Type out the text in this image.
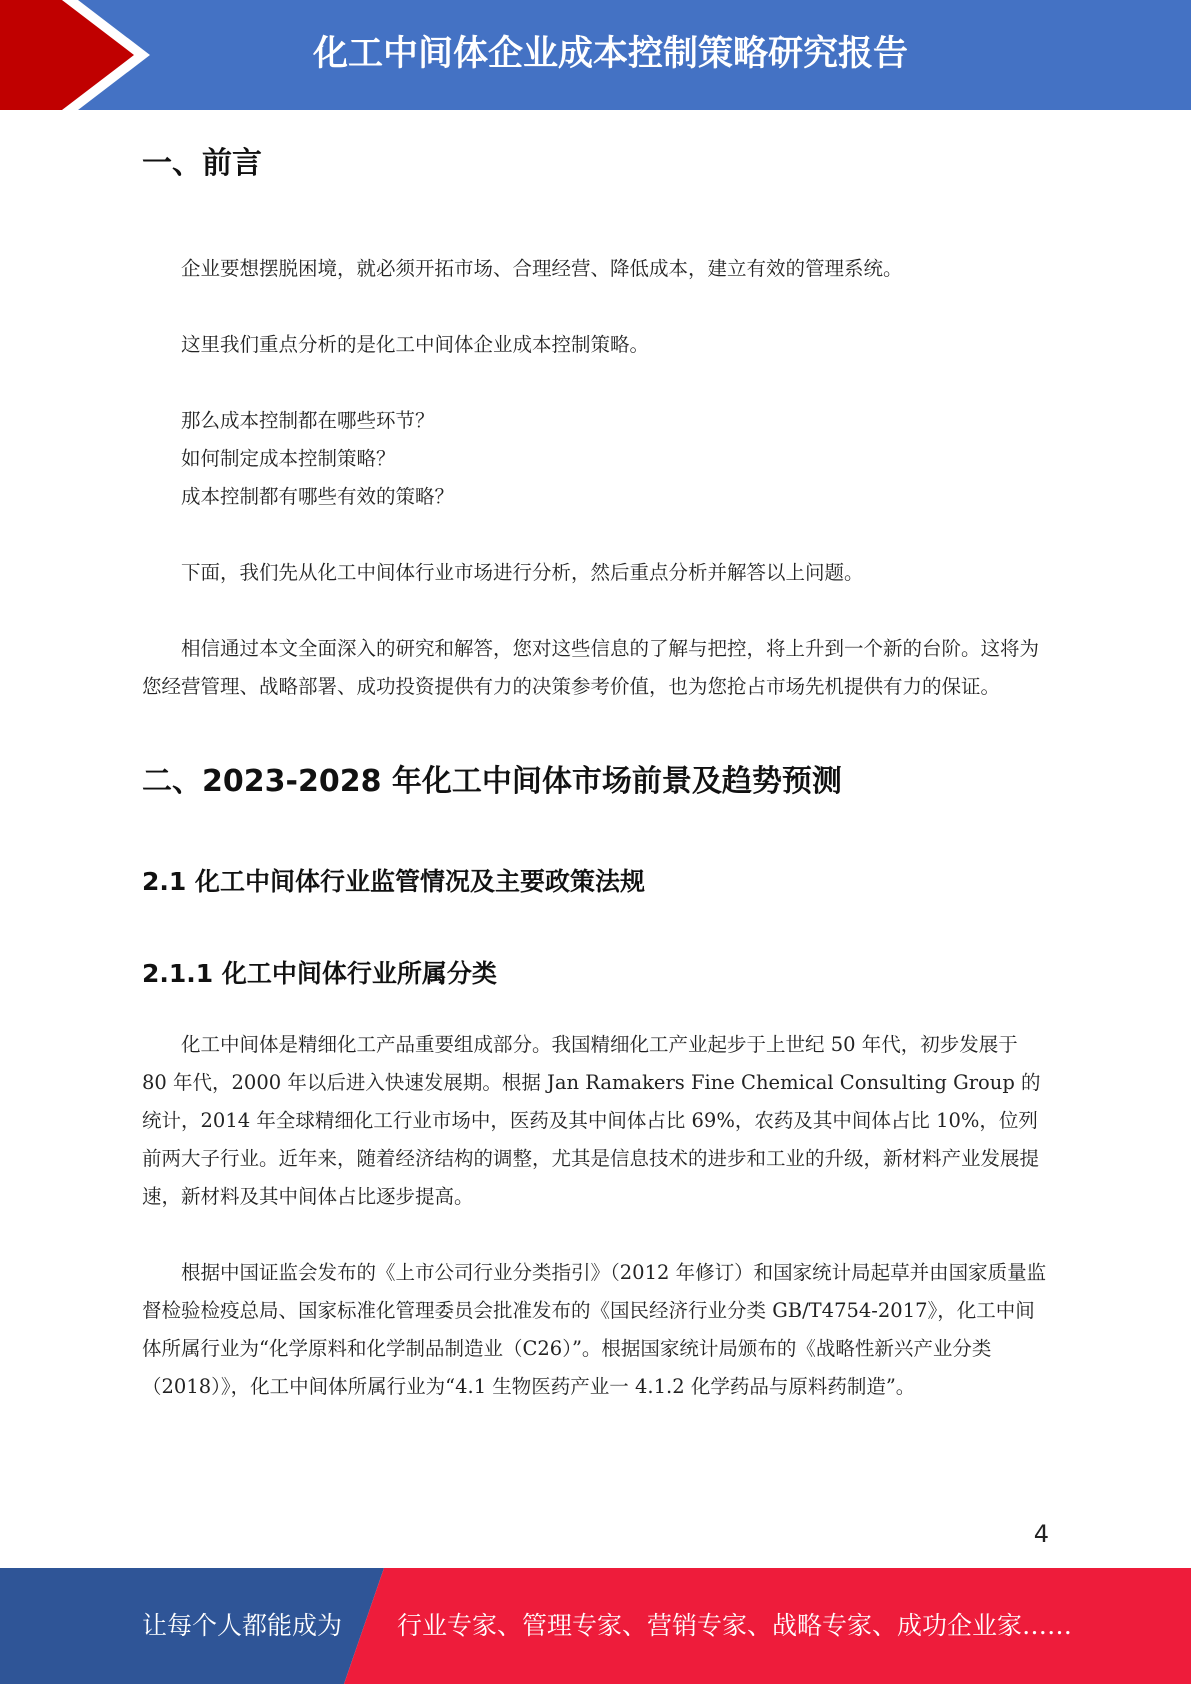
化工中间体企业成本控制策略研究报告
一、前言

企业要想摆脱困境，就必须开拓市场、合理经营、降低成本，建立有效的管理系统。

这里我们重点分析的是化工中间体企业成本控制策略。

那么成本控制都在哪些环节？

如何制定成本控制策略？

成本控制都有哪些有效的策略？

下面，我们先从化工中间体行业市场进行分析，然后重点分析并解答以上问题。

相信通过本文全面深入的研究和解答，您对这些信息的了解与把控，将上升到一个新的台阶。这将为您经营管理、战略部署、成功投资提供有力的决策参考价值，也为您抢占市场先机提供有力的保证。

二、2023-2028 年化工中间体市场前景及趋势预测
2.1 化工中间体行业监管情况及主要政策法规
2.1.1 化工中间体行业所属分类

化工中间体是精细化工产品重要组成部分。我国精细化工产业起步于上世纪 50 年代，初步发展于 80 年代，2000 年以后进入快速发展期。根据 Jan Ramakers Fine Chemical Consulting Group 的统计，2014 年全球精细化工行业市场中，医药及其中间体占比 69%，农药及其中间体占比 10%，位列前两大子行业。近年来，随着经济结构的调整，尤其是信息技术的进步和工业的升级，新材料产业发展提速，新材料及其中间体占比逐步提高。

根据中国证监会发布的《上市公司行业分类指引》（2012 年修订）和国家统计局起草并由国家质量监督检验检疫总局、国家标准化管理委员会批准发布的《国民经济行业分类 GB/T4754-2017》，化工中间体所属行业为“化学原料和化学制品制造业（C26）”。根据国家统计局颁布的《战略性新兴产业分类（2018）》，化工中间体所属行业为“4.1 生物医药产业一 4.1.2 化学药品与原料药制造”。

4
让每个人都能成为 行业专家、管理专家、营销专家、战略专家、成功企业家……
